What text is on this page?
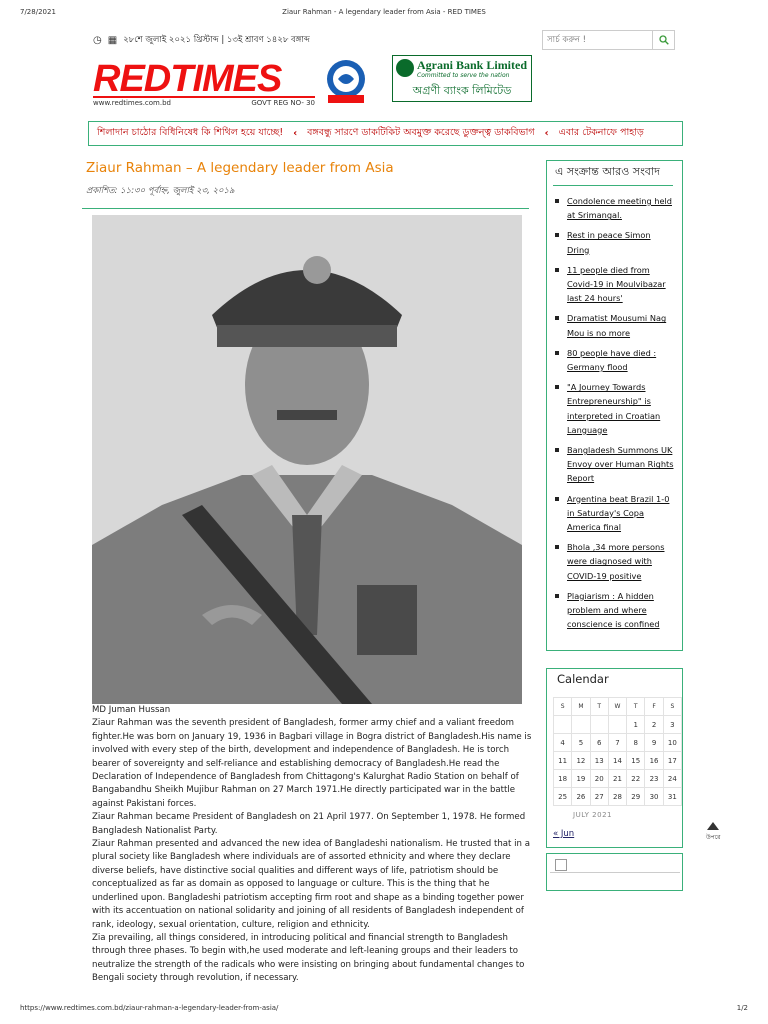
7/28/2021	Ziaur Rahman - A legendary leader from Asia - RED TIMES
◷ ▦ ২৮শে জুলাই ২০২১ খ্রিস্টাব্দ | ১৩ই শ্রাবণ ১৪২৮ বঙ্গাব্দ
সার্চ করুন !
REDTIMES
www.redtimes.com.bd	GOVT REG NO- 30
Agrani Bank Limited
Committed to serve the nation
অগ্রণী ব্যাংক লিমিটেড
শিলাদান চাঠোর বিধিনিষেধ কি শিথিল হয়ে যাচ্ছে! ‹ বঙ্গবন্ধু সারণে ডাকটিকিট অবমুক্ত করেছে ডুক্তন্ত্ব ডাকবিভাগ ‹ এবার টেকনাফে পাহাড়
Ziaur Rahman – A legendary leader from Asia
প্রকাশিত: ১১:৩০ পূর্বাহ্ন, জুলাই ২৩, ২০১৯

MD Juman Hussan

Ziaur Rahman was the seventh president of Bangladesh, former army chief and a valiant freedom fighter.He was born on January 19, 1936 in Bagbari village in Bogra district of Bangladesh.His name is involved with every step of the birth, development and independence of Bangladesh. He is torch bearer of sovereignty and self-reliance and establishing democracy of Bangladesh.He read the Declaration of Independence of Bangladesh from Chittagong's Kalurghat Radio Station on behalf of Bangabandhu Sheikh Mujibur Rahman on 27 March 1971.He directly participated war in the battle against Pakistani forces.

Ziaur Rahman became President of Bangladesh on 21 April 1977. On September 1, 1978. He formed Bangladesh Nationalist Party.

Ziaur Rahman presented and advanced the new idea of Bangladeshi nationalism. He trusted that in a plural society like Bangladesh where individuals are of assorted ethnicity and where they declare diverse beliefs, have distinctive social qualities and different ways of life, patriotism should be conceptualized as far as domain as opposed to language or culture. This is the thing that he underlined upon. Bangladeshi patriotism accepting firm root and shape as a binding together power with its accentuation on national solidarity and joining of all residents of Bangladesh independent of rank, ideology, sexual orientation, culture, religion and ethnicity.

Zia prevailing, all things considered, in introducing political and financial strength to Bangladesh through three phases. To begin with,he used moderate and left-leaning groups and their leaders to neutralize the strength of the radicals who were insisting on bringing about fundamental changes to Bengali society through revolution, if necessary.

এ সংক্রান্ত আরও সংবাদ
Condolence meeting held at Srimangal.
Rest in peace Simon Dring
11 people died from Covid-19 in Moulvibazar last 24 hours'
Dramatist Mousumi Nag Mou is no more
80 people have died : Germany flood
"A Journey Towards Entrepreneurship" is interpreted in Croatian Language
Bangladesh Summons UK Envoy over Human Rights Report
Argentina beat Brazil 1-0 in Saturday's Copa America final
Bhola ,34 more persons were diagnosed with COVID-19 positive
Plagiarism : A hidden problem and where conscience is confined
Calendar
S	M	T	W	T	F	S
				1	2	3
4	5	6	7	8	9	10
11	12	13	14	15	16	17
18	19	20	21	22	23	24
25	26	27	28	29	30	31
JULY 2021
« Jun	উপরে
https://www.redtimes.com.bd/ziaur-rahman-a-legendary-leader-from-asia/	1/2
